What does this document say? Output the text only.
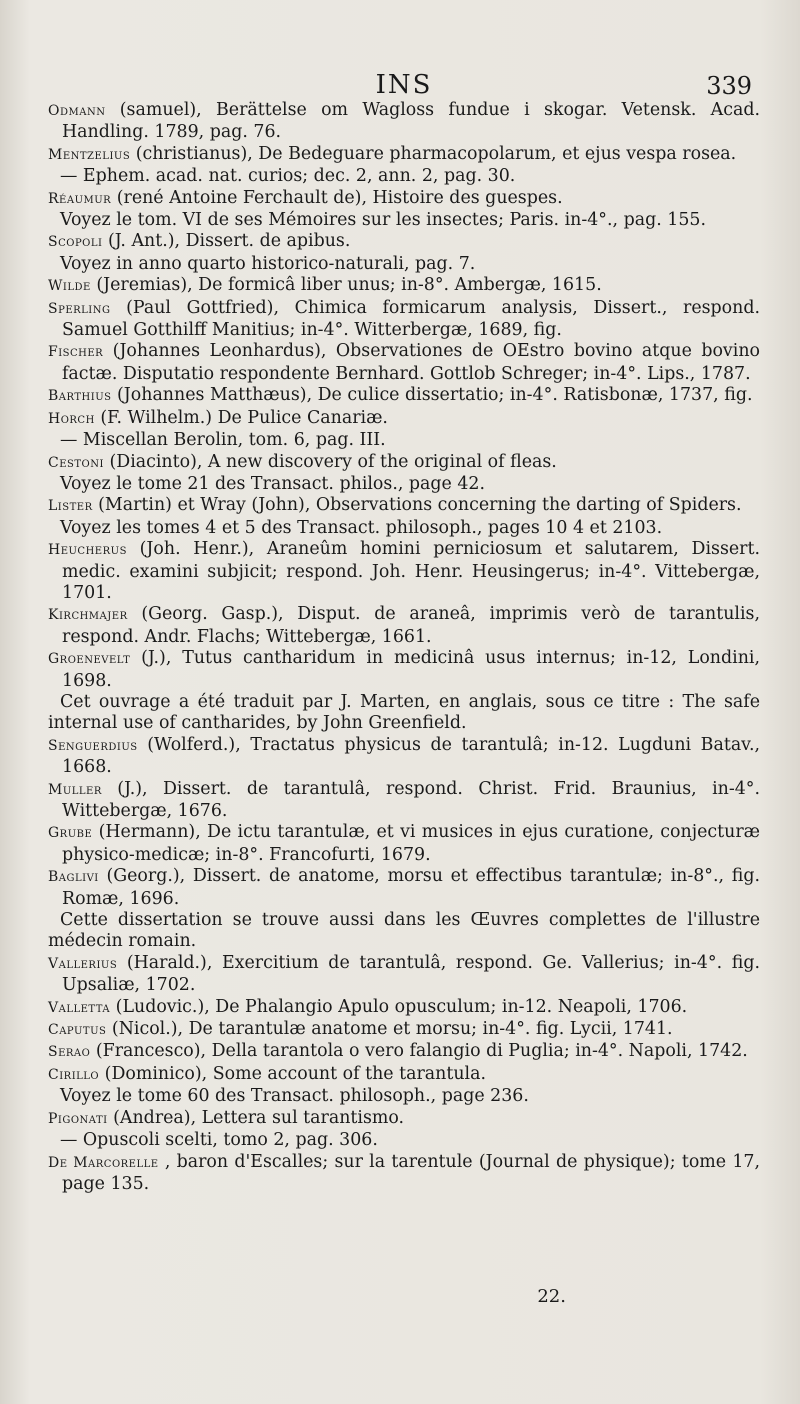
INS	339

Odmann (samuel), Berättelse om Wagloss fundue i skogar. Vetensk. Acad. Handling. 1789, pag. 76.

Mentzelius (christianus), De Bedeguare pharmacopolarum, et ejus vespa rosea.

— Ephem. acad. nat. curios; dec. 2, ann. 2, pag. 30.

Réaumur (rené Antoine Ferchault de), Histoire des guespes.

Voyez le tom. VI de ses Mémoires sur les insectes; Paris. in-4°., pag. 155.

Scopoli (J. Ant.), Dissert. de apibus.

Voyez in anno quarto historico-naturali, pag. 7.

Wilde (Jeremias), De formicâ liber unus; in-8°. Ambergæ, 1615.

Sperling (Paul Gottfried), Chimica formicarum analysis, Dissert., respond. Samuel Gotthilff Manitius; in-4°. Witterbergæ, 1689, fig.

Fischer (Johannes Leonhardus), Observationes de OEstro bovino atque bovino factæ. Disputatio respondente Bernhard. Gottlob Schreger; in-4°. Lips., 1787.

Barthius (Johannes Matthæus), De culice dissertatio; in-4°. Ratisbonæ, 1737, fig.

Horch (F. Wilhelm.) De Pulice Canariæ.

— Miscellan Berolin, tom. 6, pag. III.

Cestoni (Diacinto), A new discovery of the original of fleas.

Voyez le tome 21 des Transact. philos., page 42.

Lister (Martin) et Wray (John), Observations concerning the darting of Spiders.

Voyez les tomes 4 et 5 des Transact. philosoph., pages 10 4 et 2103.

Heucherus (Joh. Henr.), Araneûm homini perniciosum et salutarem, Dissert. medic. examini subjicit; respond. Joh. Henr. Heusingerus; in-4°. Vittebergæ, 1701.

Kirchmajer (Georg. Gasp.), Disput. de araneâ, imprimis verò de tarantulis, respond. Andr. Flachs; Wittebergæ, 1661.

Groenevelt (J.), Tutus cantharidum in medicinâ usus internus; in-12, Londini, 1698.

Cet ouvrage a été traduit par J. Marten, en anglais, sous ce titre : The safe internal use of cantharides, by John Greenfield.

Senguerdius (Wolferd.), Tractatus physicus de tarantulâ; in-12. Lugduni Batav., 1668.

Muller (J.), Dissert. de tarantulâ, respond. Christ. Frid. Braunius, in-4°. Wittebergæ, 1676.

Grube (Hermann), De ictu tarantulæ, et vi musices in ejus curatione, conjecturæ physico-medicæ; in-8°. Francofurti, 1679.

Baglivi (Georg.), Dissert. de anatome, morsu et effectibus tarantulæ; in-8°., fig. Romæ, 1696.

Cette dissertation se trouve aussi dans les Œuvres complettes de l'illustre médecin romain.

Vallerius (Harald.), Exercitium de tarantulâ, respond. Ge. Vallerius; in-4°. fig. Upsaliæ, 1702.

Valletta (Ludovic.), De Phalangio Apulo opusculum; in-12. Neapoli, 1706.

Caputus (Nicol.), De tarantulæ anatome et morsu; in-4°. fig. Lycii, 1741.

Serao (Francesco), Della tarantola o vero falangio di Puglia; in-4°. Napoli, 1742.

Cirillo (Dominico), Some account of the tarantula.

Voyez le tome 60 des Transact. philosoph., page 236.

Pigonati (Andrea), Lettera sul tarantismo.

— Opuscoli scelti, tomo 2, pag. 306.

De Marcorelle , baron d'Escalles; sur la tarentule (Journal de physique); tome 17, page 135.

22.
